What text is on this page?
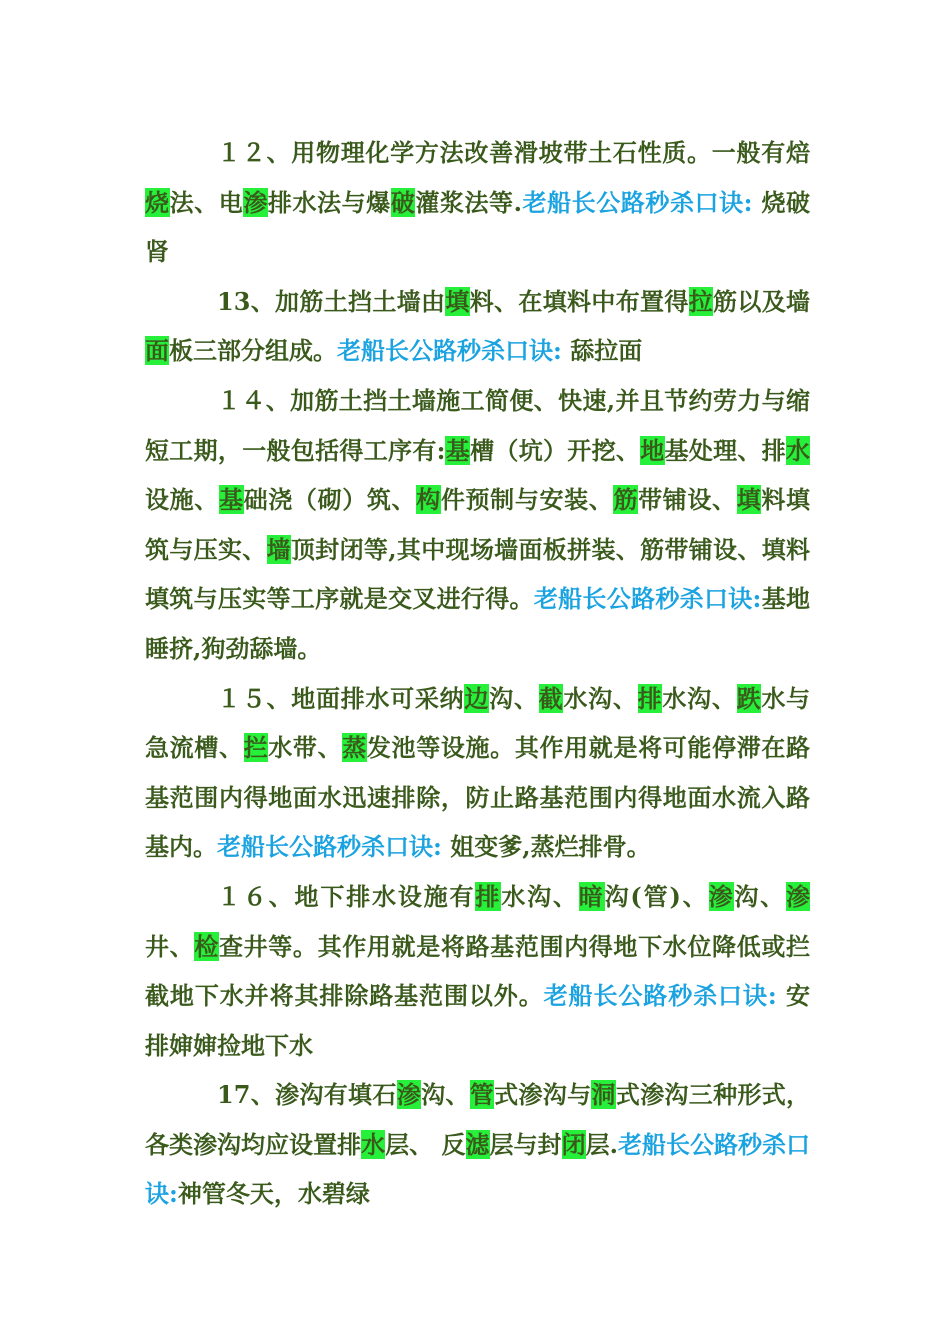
１２、用物理化学方法改善滑坡带土石性质。一般有焙烧法、电渗排水法与爆破灌浆法等.老船长公路秒杀口诀: 烧破肾

13、加筋土挡土墙由填料、在填料中布置得拉筋以及墙面板三部分组成。老船长公路秒杀口诀: 舔拉面

１４、加筋土挡土墙施工简便、快速,并且节约劳力与缩短工期，一般包括得工序有:基槽（坑）开挖、地基处理、排水设施、基础浇（砌）筑、构件预制与安装、筋带铺设、填料填筑与压实、墙顶封闭等,其中现场墙面板拼装、筋带铺设、填料填筑与压实等工序就是交叉进行得。老船长公路秒杀口诀:基地睡挤,狗劲舔墙。

１５、地面排水可采纳边沟、截水沟、排水沟、跌水与急流槽、拦水带、蒸发池等设施。其作用就是将可能停滞在路基范围内得地面水迅速排除，防止路基范围内得地面水流入路基内。老船长公路秒杀口诀: 姐变爹,蒸烂排骨。

１６、地下排水设施有排水沟、暗沟(管)、渗沟、渗井、检查井等。其作用就是将路基范围内得地下水位降低或拦截地下水并将其排除路基范围以外。老船长公路秒杀口诀: 安排婶婶捡地下水

17、渗沟有填石渗沟、管式渗沟与洞式渗沟三种形式，各类渗沟均应设置排水层、 反滤层与封闭层.老船长公路秒杀口诀:神管冬天，水碧绿
